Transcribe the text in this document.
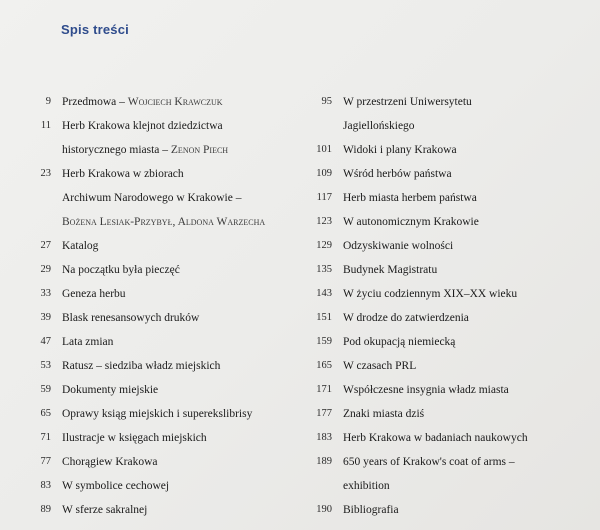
Spis treści
9 Przedmowa – Wojciech Krawczuk
11 Herb Krakowa klejnot dziedzictwa
historycznego miasta – Zenon Piech
23 Herb Krakowa w zbiorach
Archiwum Narodowego w Krakowie –
Bożena Lesiak-Przybył, Aldona Warzecha
27 Katalog
29 Na początku była pieczęć
33 Geneza herbu
39 Blask renesansowych druków
47 Lata zmian
53 Ratusz – siedziba władz miejskich
59 Dokumenty miejskie
65 Oprawy ksiąg miejskich i superekslibrisy
71 Ilustracje w księgach miejskich
77 Chorągiew Krakowa
83 W symbolice cechowej
89 W sferze sakralnej
95 W przestrzeni Uniwersytetu
Jagiellońskiego
101 Widoki i plany Krakowa
109 Wśród herbów państwa
117 Herb miasta herbem państwa
123 W autonomicznym Krakowie
129 Odzyskiwanie wolności
135 Budynek Magistratu
143 W życiu codziennym XIX–XX wieku
151 W drodze do zatwierdzenia
159 Pod okupacją niemiecką
165 W czasach PRL
171 Współczesne insygnia władz miasta
177 Znaki miasta dziś
183 Herb Krakowa w badaniach naukowych
189 650 years of Krakow's coat of arms –
exhibition
190 Bibliografia
